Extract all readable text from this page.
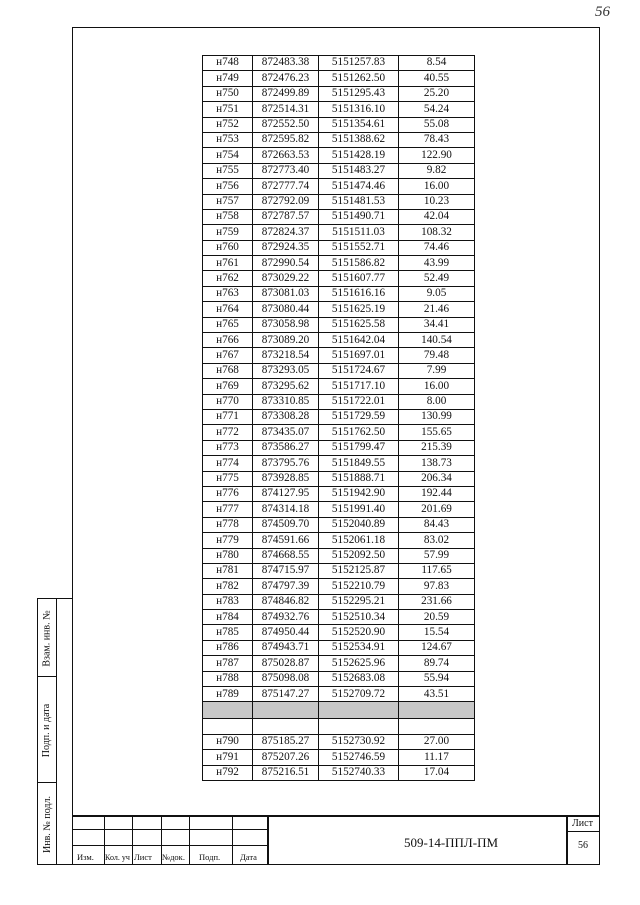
56
Взам. инв. №
Подп. и дата
Инв. № подл.
н748	872483.38	5151257.83	8.54
н749	872476.23	5151262.50	40.55
н750	872499.89	5151295.43	25.20
н751	872514.31	5151316.10	54.24
н752	872552.50	5151354.61	55.08
н753	872595.82	5151388.62	78.43
н754	872663.53	5151428.19	122.90
н755	872773.40	5151483.27	9.82
н756	872777.74	5151474.46	16.00
н757	872792.09	5151481.53	10.23
н758	872787.57	5151490.71	42.04
н759	872824.37	5151511.03	108.32
н760	872924.35	5151552.71	74.46
н761	872990.54	5151586.82	43.99
н762	873029.22	5151607.77	52.49
н763	873081.03	5151616.16	9.05
н764	873080.44	5151625.19	21.46
н765	873058.98	5151625.58	34.41
н766	873089.20	5151642.04	140.54
н767	873218.54	5151697.01	79.48
н768	873293.05	5151724.67	7.99
н769	873295.62	5151717.10	16.00
н770	873310.85	5151722.01	8.00
н771	873308.28	5151729.59	130.99
н772	873435.07	5151762.50	155.65
н773	873586.27	5151799.47	215.39
н774	873795.76	5151849.55	138.73
н775	873928.85	5151888.71	206.34
н776	874127.95	5151942.90	192.44
н777	874314.18	5151991.40	201.69
н778	874509.70	5152040.89	84.43
н779	874591.66	5152061.18	83.02
н780	874668.55	5152092.50	57.99
н781	874715.97	5152125.87	117.65
н782	874797.39	5152210.79	97.83
н783	874846.82	5152295.21	231.66
н784	874932.76	5152510.34	20.59
н785	874950.44	5152520.90	15.54
н786	874943.71	5152534.91	124.67
н787	875028.87	5152625.96	89.74
н788	875098.08	5152683.08	55.94
н789	875147.27	5152709.72	43.51

н790	875185.27	5152730.92	27.00
н791	875207.26	5152746.59	11.17
н792	875216.51	5152740.33	17.04
Изм. Кол. уч Лист №док. Подп. Дата
509-14-ППЛ-ПМ
Лист
56
